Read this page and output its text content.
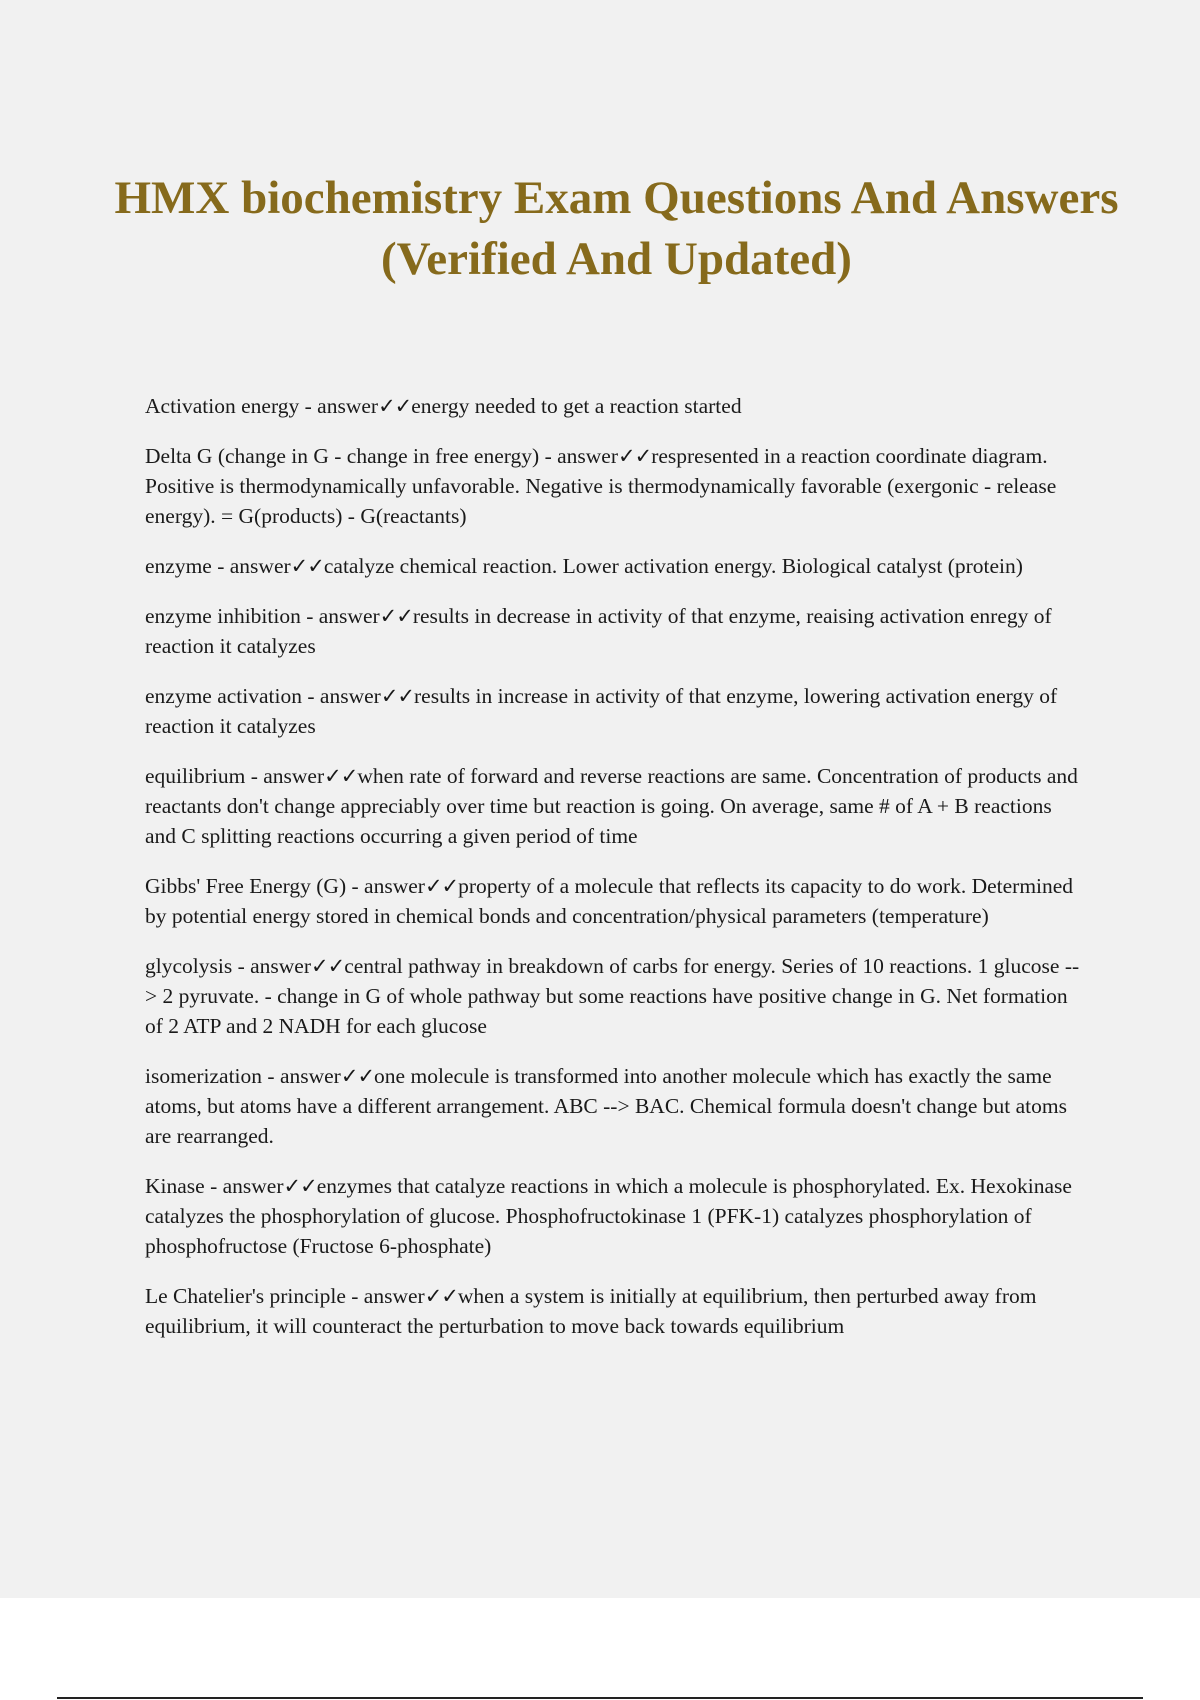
HMX biochemistry Exam Questions And Answers (Verified And Updated)
Activation energy - answer✓✓energy needed to get a reaction started
Delta G (change in G - change in free energy) - answer✓✓respresented in a reaction coordinate diagram. Positive is thermodynamically unfavorable. Negative is thermodynamically favorable (exergonic - release energy). = G(products) - G(reactants)
enzyme - answer✓✓catalyze chemical reaction. Lower activation energy. Biological catalyst (protein)
enzyme inhibition - answer✓✓results in decrease in activity of that enzyme, reaising activation enregy of reaction it catalyzes
enzyme activation - answer✓✓results in increase in activity of that enzyme, lowering activation energy of reaction it catalyzes
equilibrium - answer✓✓when rate of forward and reverse reactions are same. Concentration of products and reactants don't change appreciably over time but reaction is going. On average, same # of A + B reactions and C splitting reactions occurring a given period of time
Gibbs' Free Energy (G) - answer✓✓property of a molecule that reflects its capacity to do work. Determined by potential energy stored in chemical bonds and concentration/physical parameters (temperature)
glycolysis - answer✓✓central pathway in breakdown of carbs for energy. Series of 10 reactions. 1 glucose --> 2 pyruvate. - change in G of whole pathway but some reactions have positive change in G. Net formation of 2 ATP and 2 NADH for each glucose
isomerization - answer✓✓one molecule is transformed into another molecule which has exactly the same atoms, but atoms have a different arrangement. ABC --> BAC. Chemical formula doesn't change but atoms are rearranged.
Kinase - answer✓✓enzymes that catalyze reactions in which a molecule is phosphorylated. Ex. Hexokinase catalyzes the phosphorylation of glucose. Phosphofructokinase 1 (PFK-1) catalyzes phosphorylation of phosphofructose (Fructose 6-phosphate)
Le Chatelier's principle - answer✓✓when a system is initially at equilibrium, then perturbed away from equilibrium, it will counteract the perturbation to move back towards equilibrium
